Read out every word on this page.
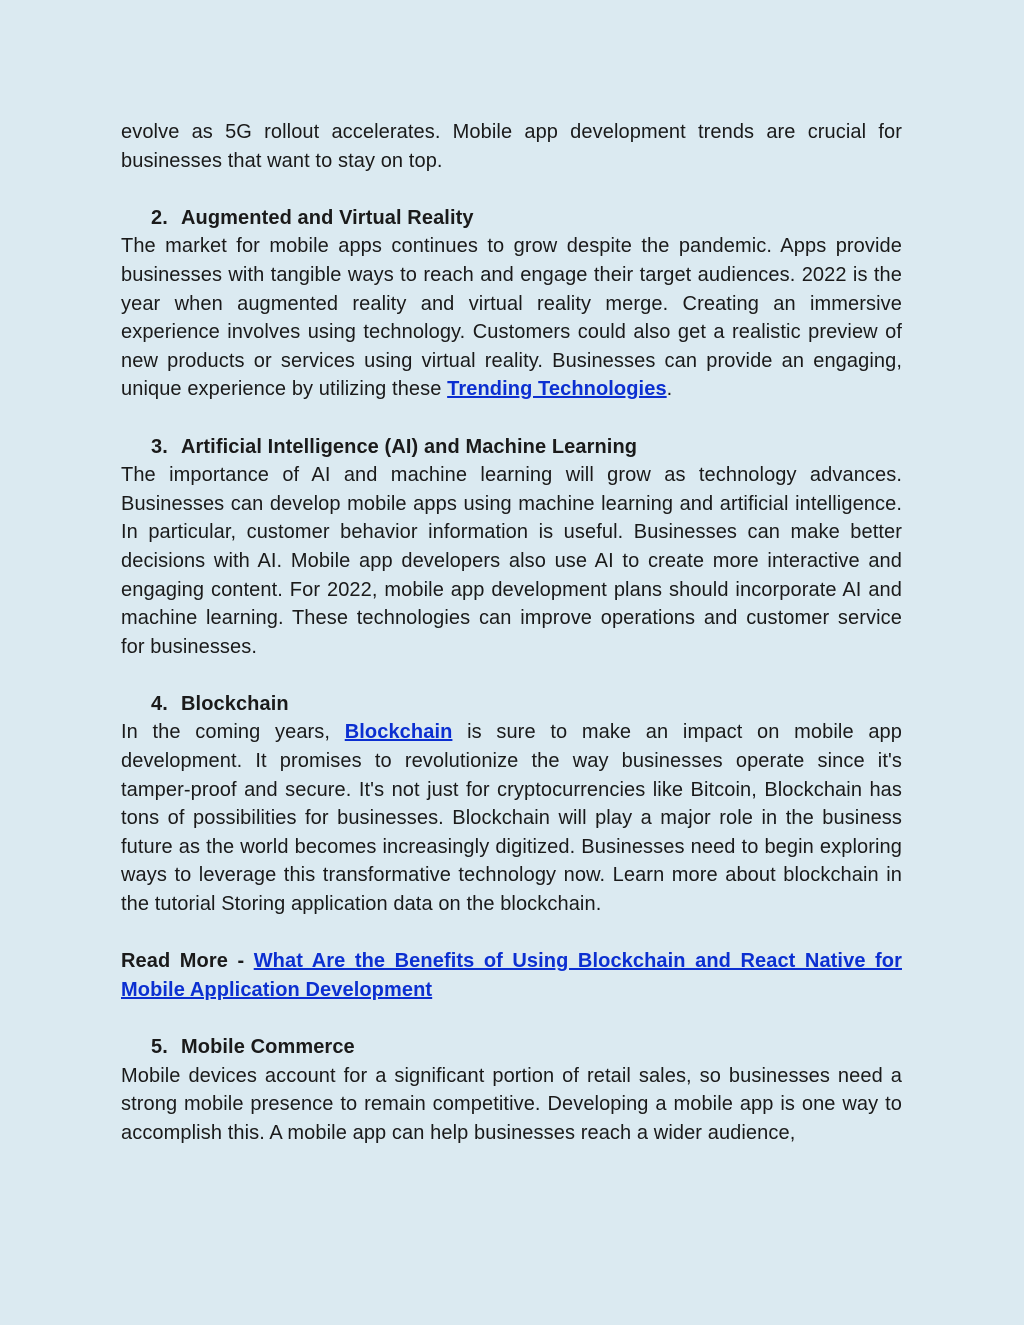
evolve as 5G rollout accelerates. Mobile app development trends are crucial for businesses that want to stay on top.

2. Augmented and Virtual Reality

The market for mobile apps continues to grow despite the pandemic. Apps provide businesses with tangible ways to reach and engage their target audiences. 2022 is the year when augmented reality and virtual reality merge. Creating an immersive experience involves using technology. Customers could also get a realistic preview of new products or services using virtual reality. Businesses can provide an engaging, unique experience by utilizing these Trending Technologies.

3. Artificial Intelligence (AI) and Machine Learning

The importance of AI and machine learning will grow as technology advances. Businesses can develop mobile apps using machine learning and artificial intelligence. In particular, customer behavior information is useful. Businesses can make better decisions with AI. Mobile app developers also use AI to create more interactive and engaging content. For 2022, mobile app development plans should incorporate AI and machine learning. These technologies can improve operations and customer service for businesses.

4. Blockchain

In the coming years, Blockchain is sure to make an impact on mobile app development. It promises to revolutionize the way businesses operate since it's tamper-proof and secure. It's not just for cryptocurrencies like Bitcoin, Blockchain has tons of possibilities for businesses. Blockchain will play a major role in the business future as the world becomes increasingly digitized. Businesses need to begin exploring ways to leverage this transformative technology now. Learn more about blockchain in the tutorial Storing application data on the blockchain.

Read More - What Are the Benefits of Using Blockchain and React Native for Mobile Application Development

5. Mobile Commerce

Mobile devices account for a significant portion of retail sales, so businesses need a strong mobile presence to remain competitive. Developing a mobile app is one way to accomplish this. A mobile app can help businesses reach a wider audience,
